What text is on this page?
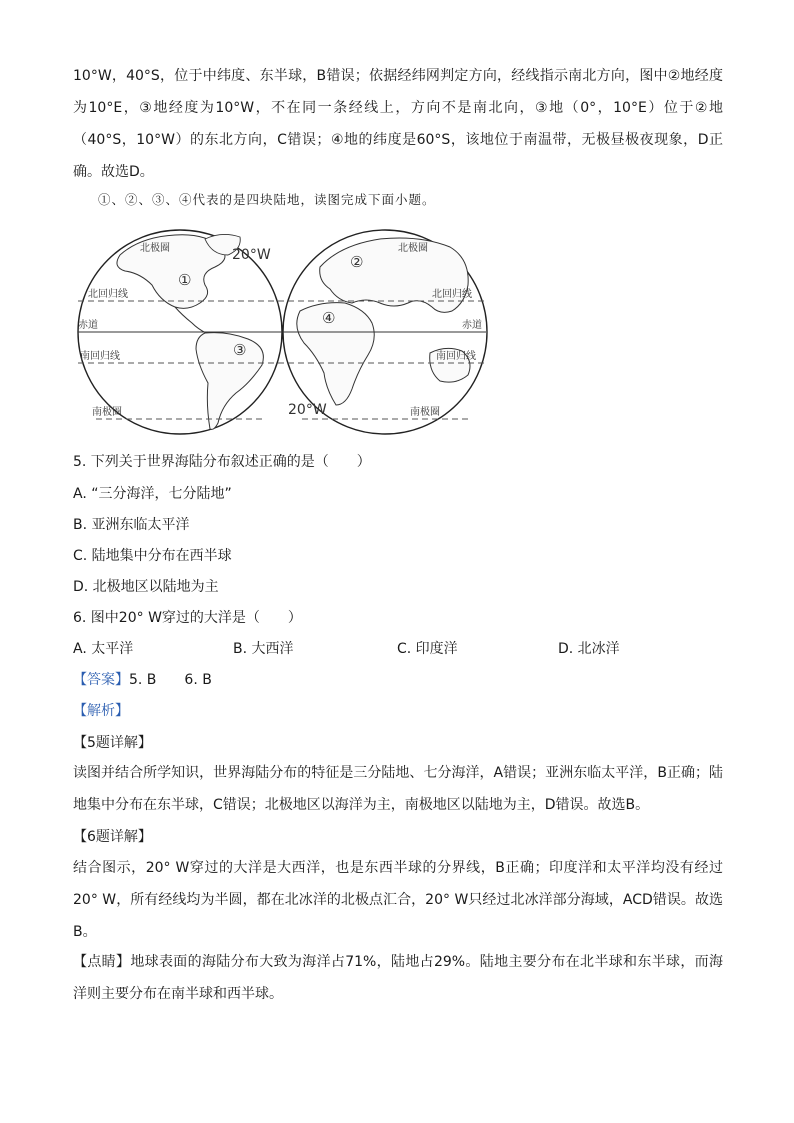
10°W，40°S，位于中纬度、东半球，B错误；依据经纬网判定方向，经线指示南北方向，图中②地经度为10°E，③地经度为10°W，不在同一条经线上，方向不是南北向，③地（0°，10°E）位于②地（40°S，10°W）的东北方向，C错误；④地的纬度是60°S，该地位于南温带，无极昼极夜现象，D正确。故选D。
①、②、③、④代表的是四块陆地，读图完成下面小题。
①
③
20°W
北极圈
②
④
北极圈
北回归线
赤道
南回归线
南极圈
北回归线
赤道
南回归线
南极圈
20°W
5. 下列关于世界海陆分布叙述正确的是（　　）
A. “三分海洋，七分陆地”
B. 亚洲东临太平洋
C. 陆地集中分布在西半球
D. 北极地区以陆地为主
6. 图中20° W穿过的大洋是（　　）
A. 太平洋	B. 大西洋	C. 印度洋	D. 北冰洋
【答案】5. B　　6. B
【解析】
【5题详解】
读图并结合所学知识，世界海陆分布的特征是三分陆地、七分海洋，A错误；亚洲东临太平洋，B正确；陆地集中分布在东半球，C错误；北极地区以海洋为主，南极地区以陆地为主，D错误。故选B。
【6题详解】
结合图示，20° W穿过的大洋是大西洋，也是东西半球的分界线，B正确；印度洋和太平洋均没有经过20° W，所有经线均为半圆，都在北冰洋的北极点汇合，20° W只经过北冰洋部分海域，ACD错误。故选B。
【点睛】地球表面的海陆分布大致为海洋占71%，陆地占29%。陆地主要分布在北半球和东半球，而海洋则主要分布在南半球和西半球。
